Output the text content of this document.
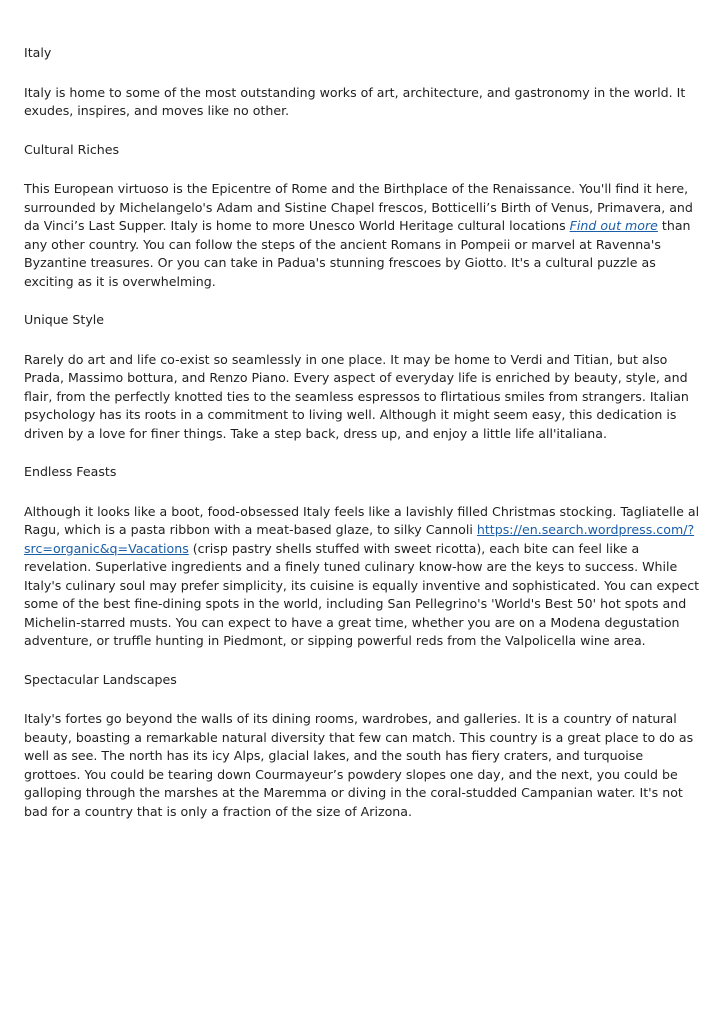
Italy

Italy is home to some of the most outstanding works of art, architecture, and gastronomy in the world. It exudes, inspires, and moves like no other.

Cultural Riches

This European virtuoso is the Epicentre of Rome and the Birthplace of the Renaissance. You'll find it here, surrounded by Michelangelo's Adam and Sistine Chapel frescos, Botticelli’s Birth of Venus, Primavera, and da Vinci’s Last Supper. Italy is home to more Unesco World Heritage cultural locations Find out more than any other country. You can follow the steps of the ancient Romans in Pompeii or marvel at Ravenna's Byzantine treasures. Or you can take in Padua's stunning frescoes by Giotto. It's a cultural puzzle as exciting as it is overwhelming.

Unique Style

Rarely do art and life co-exist so seamlessly in one place. It may be home to Verdi and Titian, but also Prada, Massimo bottura, and Renzo Piano. Every aspect of everyday life is enriched by beauty, style, and flair, from the perfectly knotted ties to the seamless espressos to flirtatious smiles from strangers. Italian psychology has its roots in a commitment to living well. Although it might seem easy, this dedication is driven by a love for finer things. Take a step back, dress up, and enjoy a little life all'italiana.

Endless Feasts

Although it looks like a boot, food-obsessed Italy feels like a lavishly filled Christmas stocking. Tagliatelle al Ragu, which is a pasta ribbon with a meat-based glaze, to silky Cannoli https://en.search.wordpress.com/?src=organic&q=Vacations (crisp pastry shells stuffed with sweet ricotta), each bite can feel like a revelation. Superlative ingredients and a finely tuned culinary know-how are the keys to success. While Italy's culinary soul may prefer simplicity, its cuisine is equally inventive and sophisticated. You can expect some of the best fine-dining spots in the world, including San Pellegrino's 'World's Best 50' hot spots and Michelin-starred musts. You can expect to have a great time, whether you are on a Modena degustation adventure, or truffle hunting in Piedmont, or sipping powerful reds from the Valpolicella wine area.

Spectacular Landscapes

Italy's fortes go beyond the walls of its dining rooms, wardrobes, and galleries. It is a country of natural beauty, boasting a remarkable natural diversity that few can match. This country is a great place to do as well as see. The north has its icy Alps, glacial lakes, and the south has fiery craters, and turquoise grottoes. You could be tearing down Courmayeur’s powdery slopes one day, and the next, you could be galloping through the marshes at the Maremma or diving in the coral-studded Campanian water. It's not bad for a country that is only a fraction of the size of Arizona.
